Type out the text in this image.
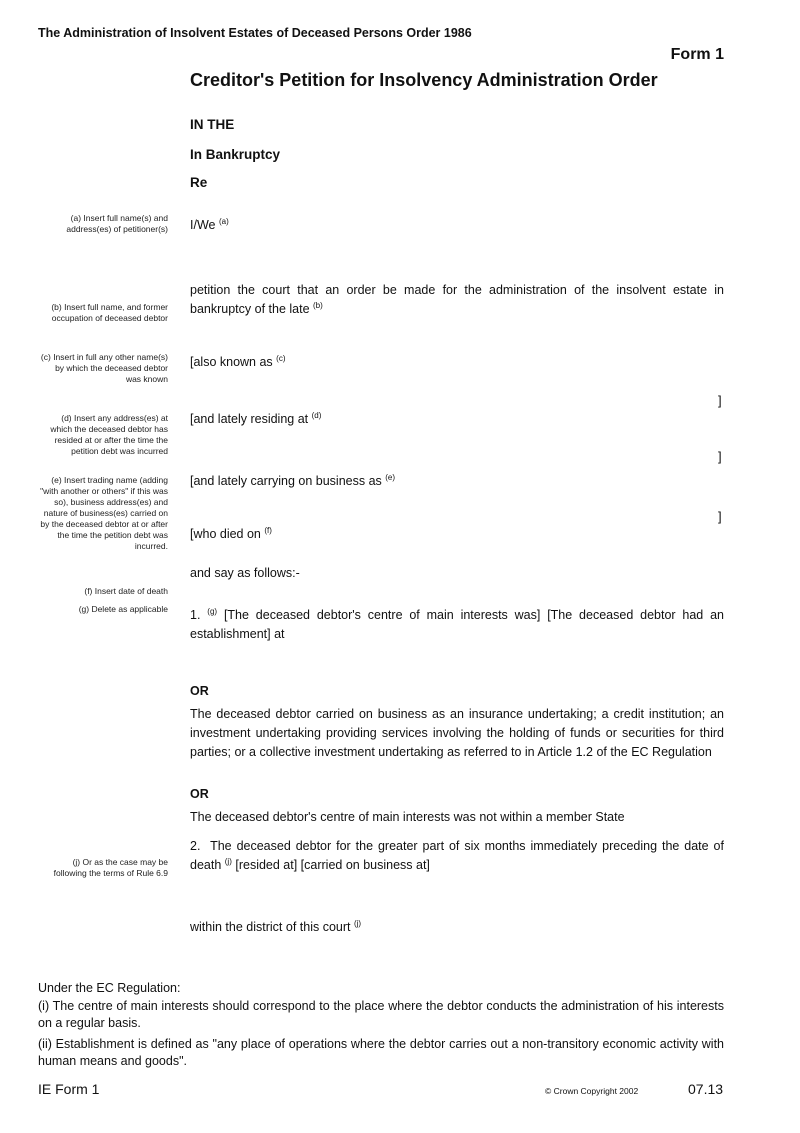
The Administration of Insolvent Estates of Deceased Persons Order 1986
Form 1
Creditor's Petition for Insolvency Administration Order
IN THE
In Bankruptcy
Re
(a) Insert full name(s) and address(es) of petitioner(s)
(b) Insert full name, and former occupation of deceased debtor
(c) Insert in full any other name(s) by which the deceased debtor was known
(d) Insert any address(es) at which the deceased debtor has resided at or after the time the petition debt was incurred
(e) Insert trading name (adding "with another or others" if this was so), business address(es) and nature of business(es) carried on by the deceased debtor at or after the time the petition debt was incurred.
(f) Insert date of death
(g) Delete as applicable
(j) Or as the case may be following the terms of Rule 6.9
I/We $^{(a)}$
petition the court that an order be made for the administration of the insolvent estate in bankruptcy of the late $^{(b)}$
[also known as $^{(c)}$
]
[and lately residing at $^{(d)}$
]
[and lately carrying on business as $^{(e)}$
]
[who died on $^{(f)}$
and say as follows:-
1. $^{(g)}$ [The deceased debtor's centre of main interests was] [The deceased debtor had an establishment] at
OR
The deceased debtor carried on business as an insurance undertaking; a credit institution; an investment undertaking providing services involving the holding of funds or securities for third parties; or a collective investment undertaking as referred to in Article 1.2 of the EC Regulation
OR
The deceased debtor's centre of main interests was not within a member State
2. The deceased debtor for the greater part of six months immediately preceding the date of death $^{(j)}$ [resided at] [carried on business at]
within the district of this court $^{(j)}$
Under the EC Regulation:
(i) The centre of main interests should correspond to the place where the debtor conducts the administration of his interests on a regular basis.
(ii) Establishment is defined as "any place of operations where the debtor carries out a non-transitory economic activity with human means and goods".
IE Form 1	© Crown Copyright 2002	07.13
